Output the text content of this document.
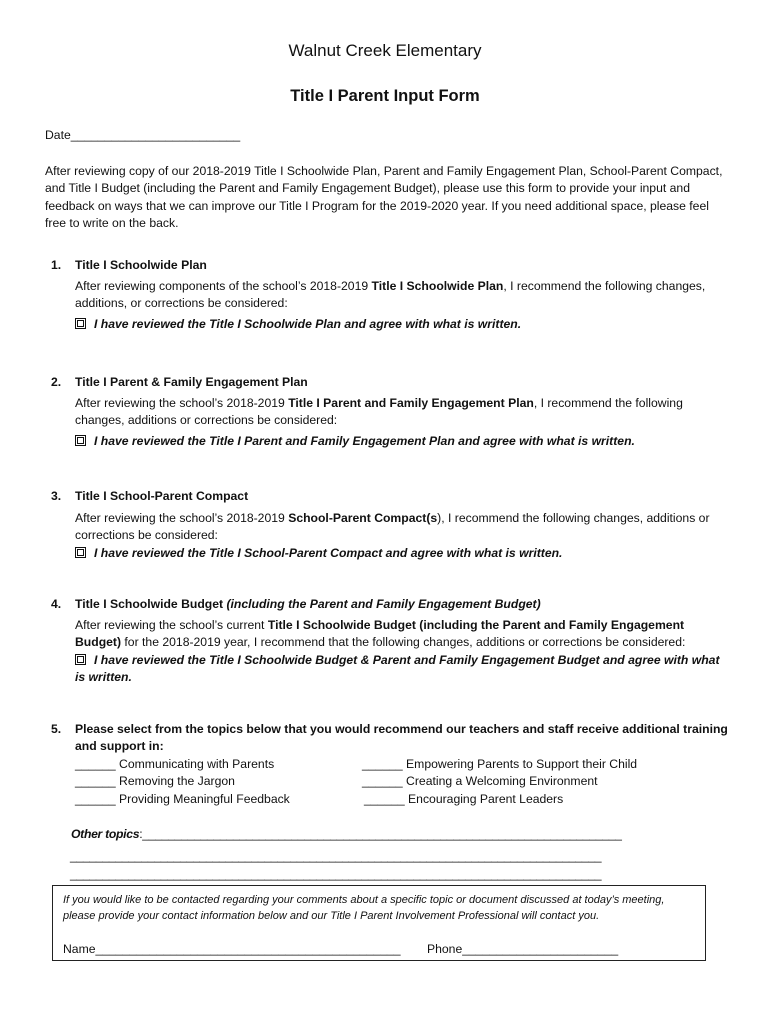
Walnut Creek Elementary
Title I Parent Input Form
Date_________________________
After reviewing copy of our 2018-2019 Title I Schoolwide Plan, Parent and Family Engagement Plan, School-Parent Compact, and Title I Budget (including the Parent and Family Engagement Budget), please use this form to provide your input and feedback on ways that we can improve our Title I Program for the 2019-2020 year. If you need additional space, please feel free to write on the back.
1. Title I Schoolwide Plan
After reviewing components of the school’s 2018-2019 Title I Schoolwide Plan, I recommend the following changes, additions, or corrections be considered:
I have reviewed the Title I Schoolwide Plan and agree with what is written.
2. Title I Parent & Family Engagement Plan
After reviewing the school’s 2018-2019 Title I Parent and Family Engagement Plan, I recommend the following changes, additions or corrections be considered:
I have reviewed the Title I Parent and Family Engagement Plan and agree with what is written.
3. Title I School-Parent Compact
After reviewing the school’s 2018-2019 School-Parent Compact(s), I recommend the following changes, additions or corrections be considered:
I have reviewed the Title I School-Parent Compact and agree with what is written.
4. Title I Schoolwide Budget (including the Parent and Family Engagement Budget)
After reviewing the school’s current Title I Schoolwide Budget (including the Parent and Family Engagement Budget) for the 2018-2019 year, I recommend that the following changes, additions or corrections be considered:
I have reviewed the Title I Schoolwide Budget & Parent and Family Engagement Budget and agree with what is written.
5. Please select from the topics below that you would recommend our teachers and staff receive additional training and support in:
______ Communicating with Parents
______ Removing the Jargon
______ Providing Meaningful Feedback
______ Empowering Parents to Support their Child
______ Creating a Welcoming Environment
______ Encouraging Parent Leaders
Other topics:__________________________________________________________________________
__________________________________________________________________________________
__________________________________________________________________________________
If you would like to be contacted regarding your comments about a specific topic or document discussed at today’s meeting, please provide your contact information below and our Title I Parent Involvement Professional will contact you.
Name_____________________________________________ Phone_______________________
